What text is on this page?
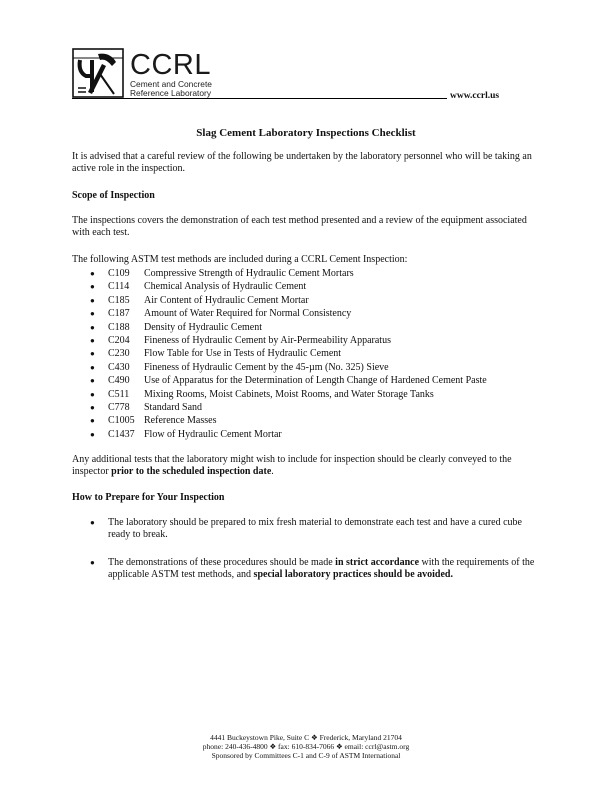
CCRL
Cement and Concrete
Reference Laboratory	www.ccrl.us
Slag Cement Laboratory Inspections Checklist

It is advised that a careful review of the following be undertaken by the laboratory personnel who will be taking an active role in the inspection.

Scope of Inspection

The inspections covers the demonstration of each test method presented and a review of the equipment associated with each test.

The following ASTM test methods are included during a CCRL Cement Inspection:

● C109 Compressive Strength of Hydraulic Cement Mortars
● C114 Chemical Analysis of Hydraulic Cement
● C185 Air Content of Hydraulic Cement Mortar
● C187 Amount of Water Required for Normal Consistency
● C188 Density of Hydraulic Cement
● C204 Fineness of Hydraulic Cement by Air-Permeability Apparatus
● C230 Flow Table for Use in Tests of Hydraulic Cement
● C430 Fineness of Hydraulic Cement by the 45-µm (No. 325) Sieve
● C490 Use of Apparatus for the Determination of Length Change of Hardened Cement Paste
● C511 Mixing Rooms, Moist Cabinets, Moist Rooms, and Water Storage Tanks
● C778 Standard Sand
● C1005 Reference Masses
● C1437 Flow of Hydraulic Cement Mortar

Any additional tests that the laboratory might wish to include for inspection should be clearly conveyed to the inspector prior to the scheduled inspection date.

How to Prepare for Your Inspection

● The laboratory should be prepared to mix fresh material to demonstrate each test and have a cured cube ready to break.
● The demonstrations of these procedures should be made in strict accordance with the requirements of the applicable ASTM test methods, and special laboratory practices should be avoided.
4441 Buckeystown Pike, Suite C ❖ Frederick, Maryland 21704
phone: 240-436-4800 ❖ fax: 610-834-7066 ❖ email: ccrl@astm.org
Sponsored by Committees C-1 and C-9 of ASTM International
